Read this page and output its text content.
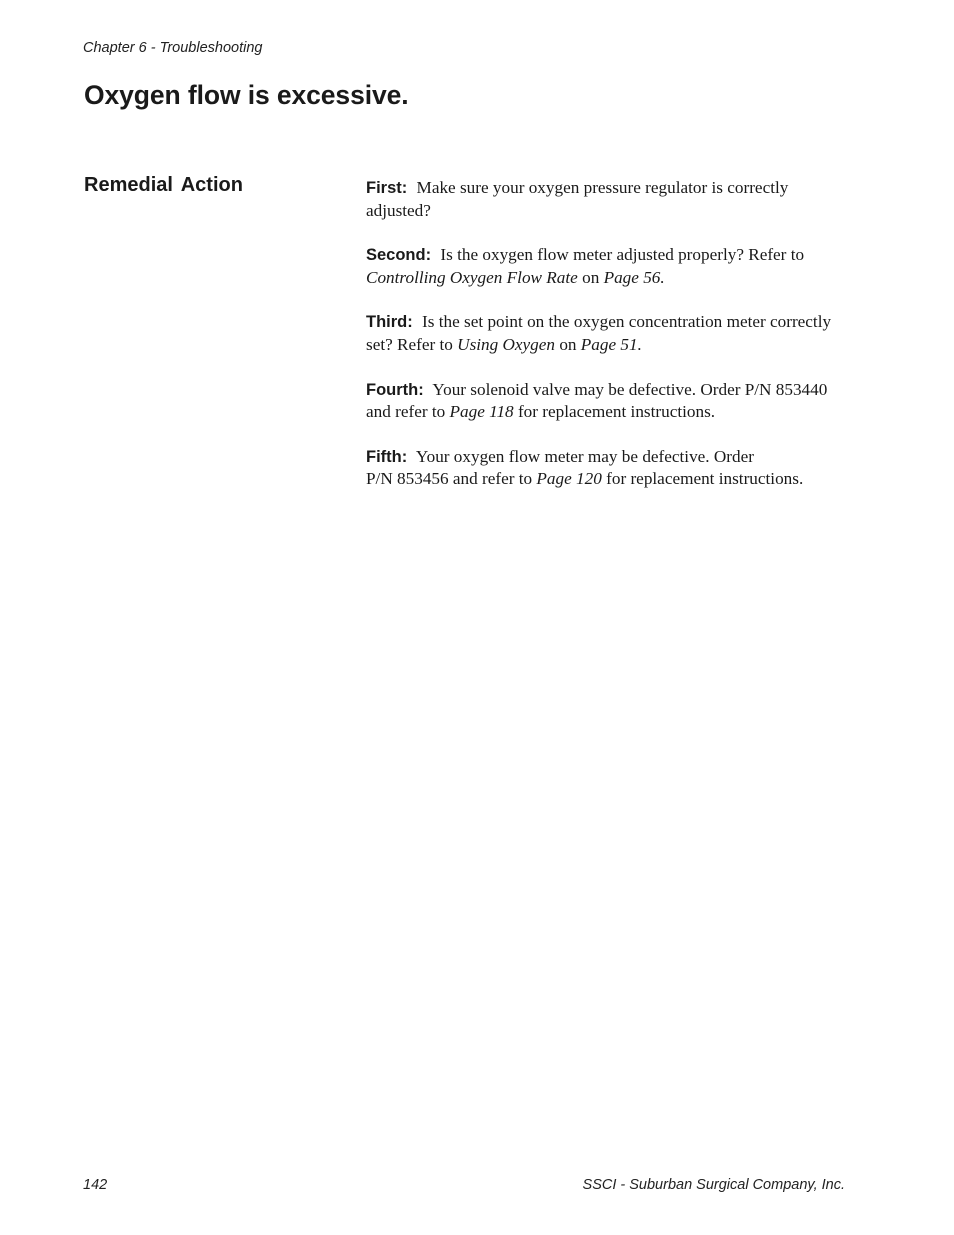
Chapter 6 - Troubleshooting
Oxygen flow is excessive.
Remedial Action	First: Make sure your oxygen pressure regulator is correctly adjusted?

Second: Is the oxygen flow meter adjusted properly? Refer to Controlling Oxygen Flow Rate on Page 56.

Third: Is the set point on the oxygen concentration meter correctly set? Refer to Using Oxygen on Page 51.

Fourth: Your solenoid valve may be defective. Order P/N 853440 and refer to Page 118 for replacement instructions.

Fifth: Your oxygen flow meter may be defective. Order
P/N 853456 and refer to Page 120 for replacement instructions.

142	SSCI - Suburban Surgical Company, Inc.
